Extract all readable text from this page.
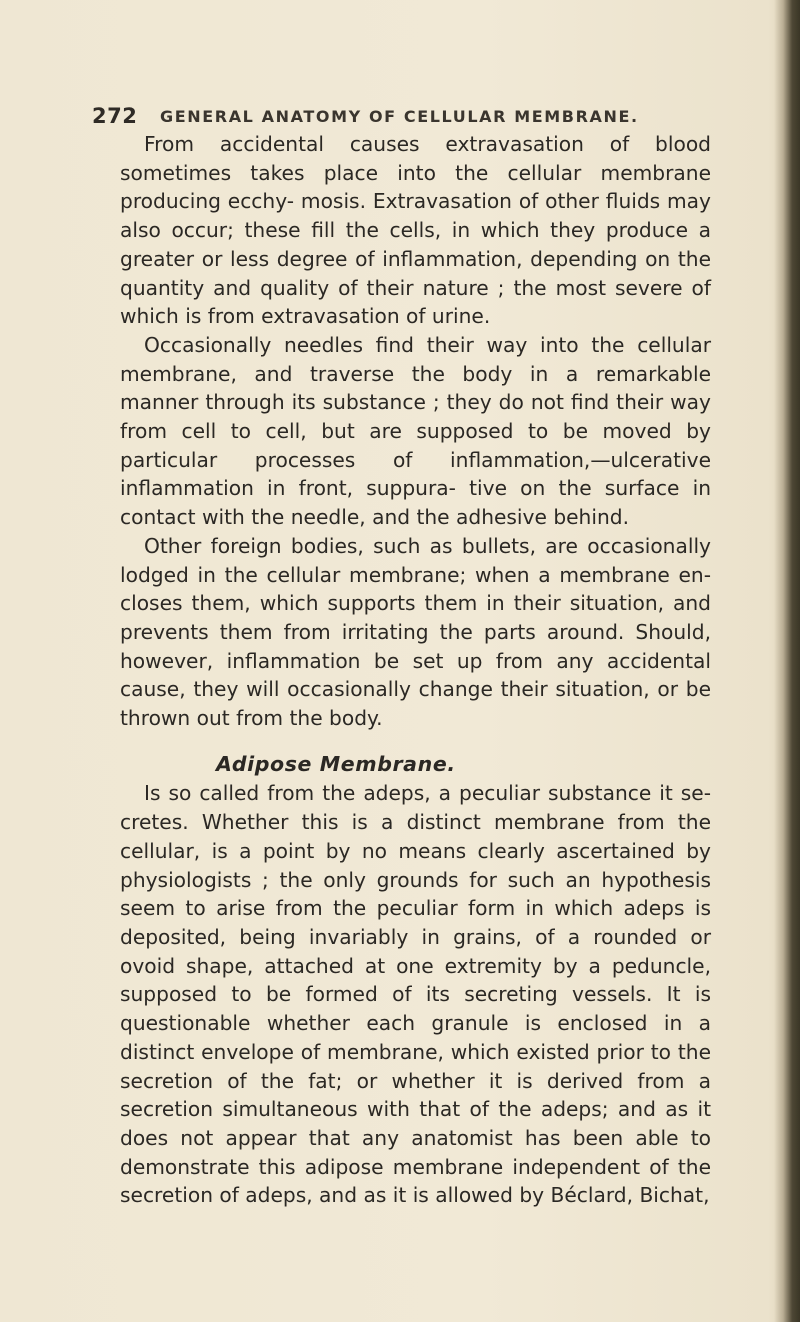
272 GENERAL ANATOMY OF CELLULAR MEMBRANE.

From accidental causes extravasation of blood sometimes takes place into the cellular membrane producing ecchy- mosis. Extravasation of other fluids may also occur; these fill the cells, in which they produce a greater or less degree of inflammation, depending on the quantity and quality of their nature ; the most severe of which is from extravasation of urine.

Occasionally needles find their way into the cellular membrane, and traverse the body in a remarkable manner through its substance ; they do not find their way from cell to cell, but are supposed to be moved by particular processes of inflammation,—ulcerative inflammation in front, suppura- tive on the surface in contact with the needle, and the adhesive behind.

Other foreign bodies, such as bullets, are occasionally lodged in the cellular membrane; when a membrane en- closes them, which supports them in their situation, and prevents them from irritating the parts around. Should, however, inflammation be set up from any accidental cause, they will occasionally change their situation, or be thrown out from the body.

Adipose Membrane.

Is so called from the adeps, a peculiar substance it se- cretes. Whether this is a distinct membrane from the cellular, is a point by no means clearly ascertained by physiologists ; the only grounds for such an hypothesis seem to arise from the peculiar form in which adeps is deposited, being invariably in grains, of a rounded or ovoid shape, attached at one extremity by a peduncle, supposed to be formed of its secreting vessels. It is questionable whether each granule is enclosed in a distinct envelope of membrane, which existed prior to the secretion of the fat; or whether it is derived from a secretion simultaneous with that of the adeps; and as it does not appear that any anatomist has been able to demonstrate this adipose membrane independent of the secretion of adeps, and as it is allowed by Béclard, Bichat,
